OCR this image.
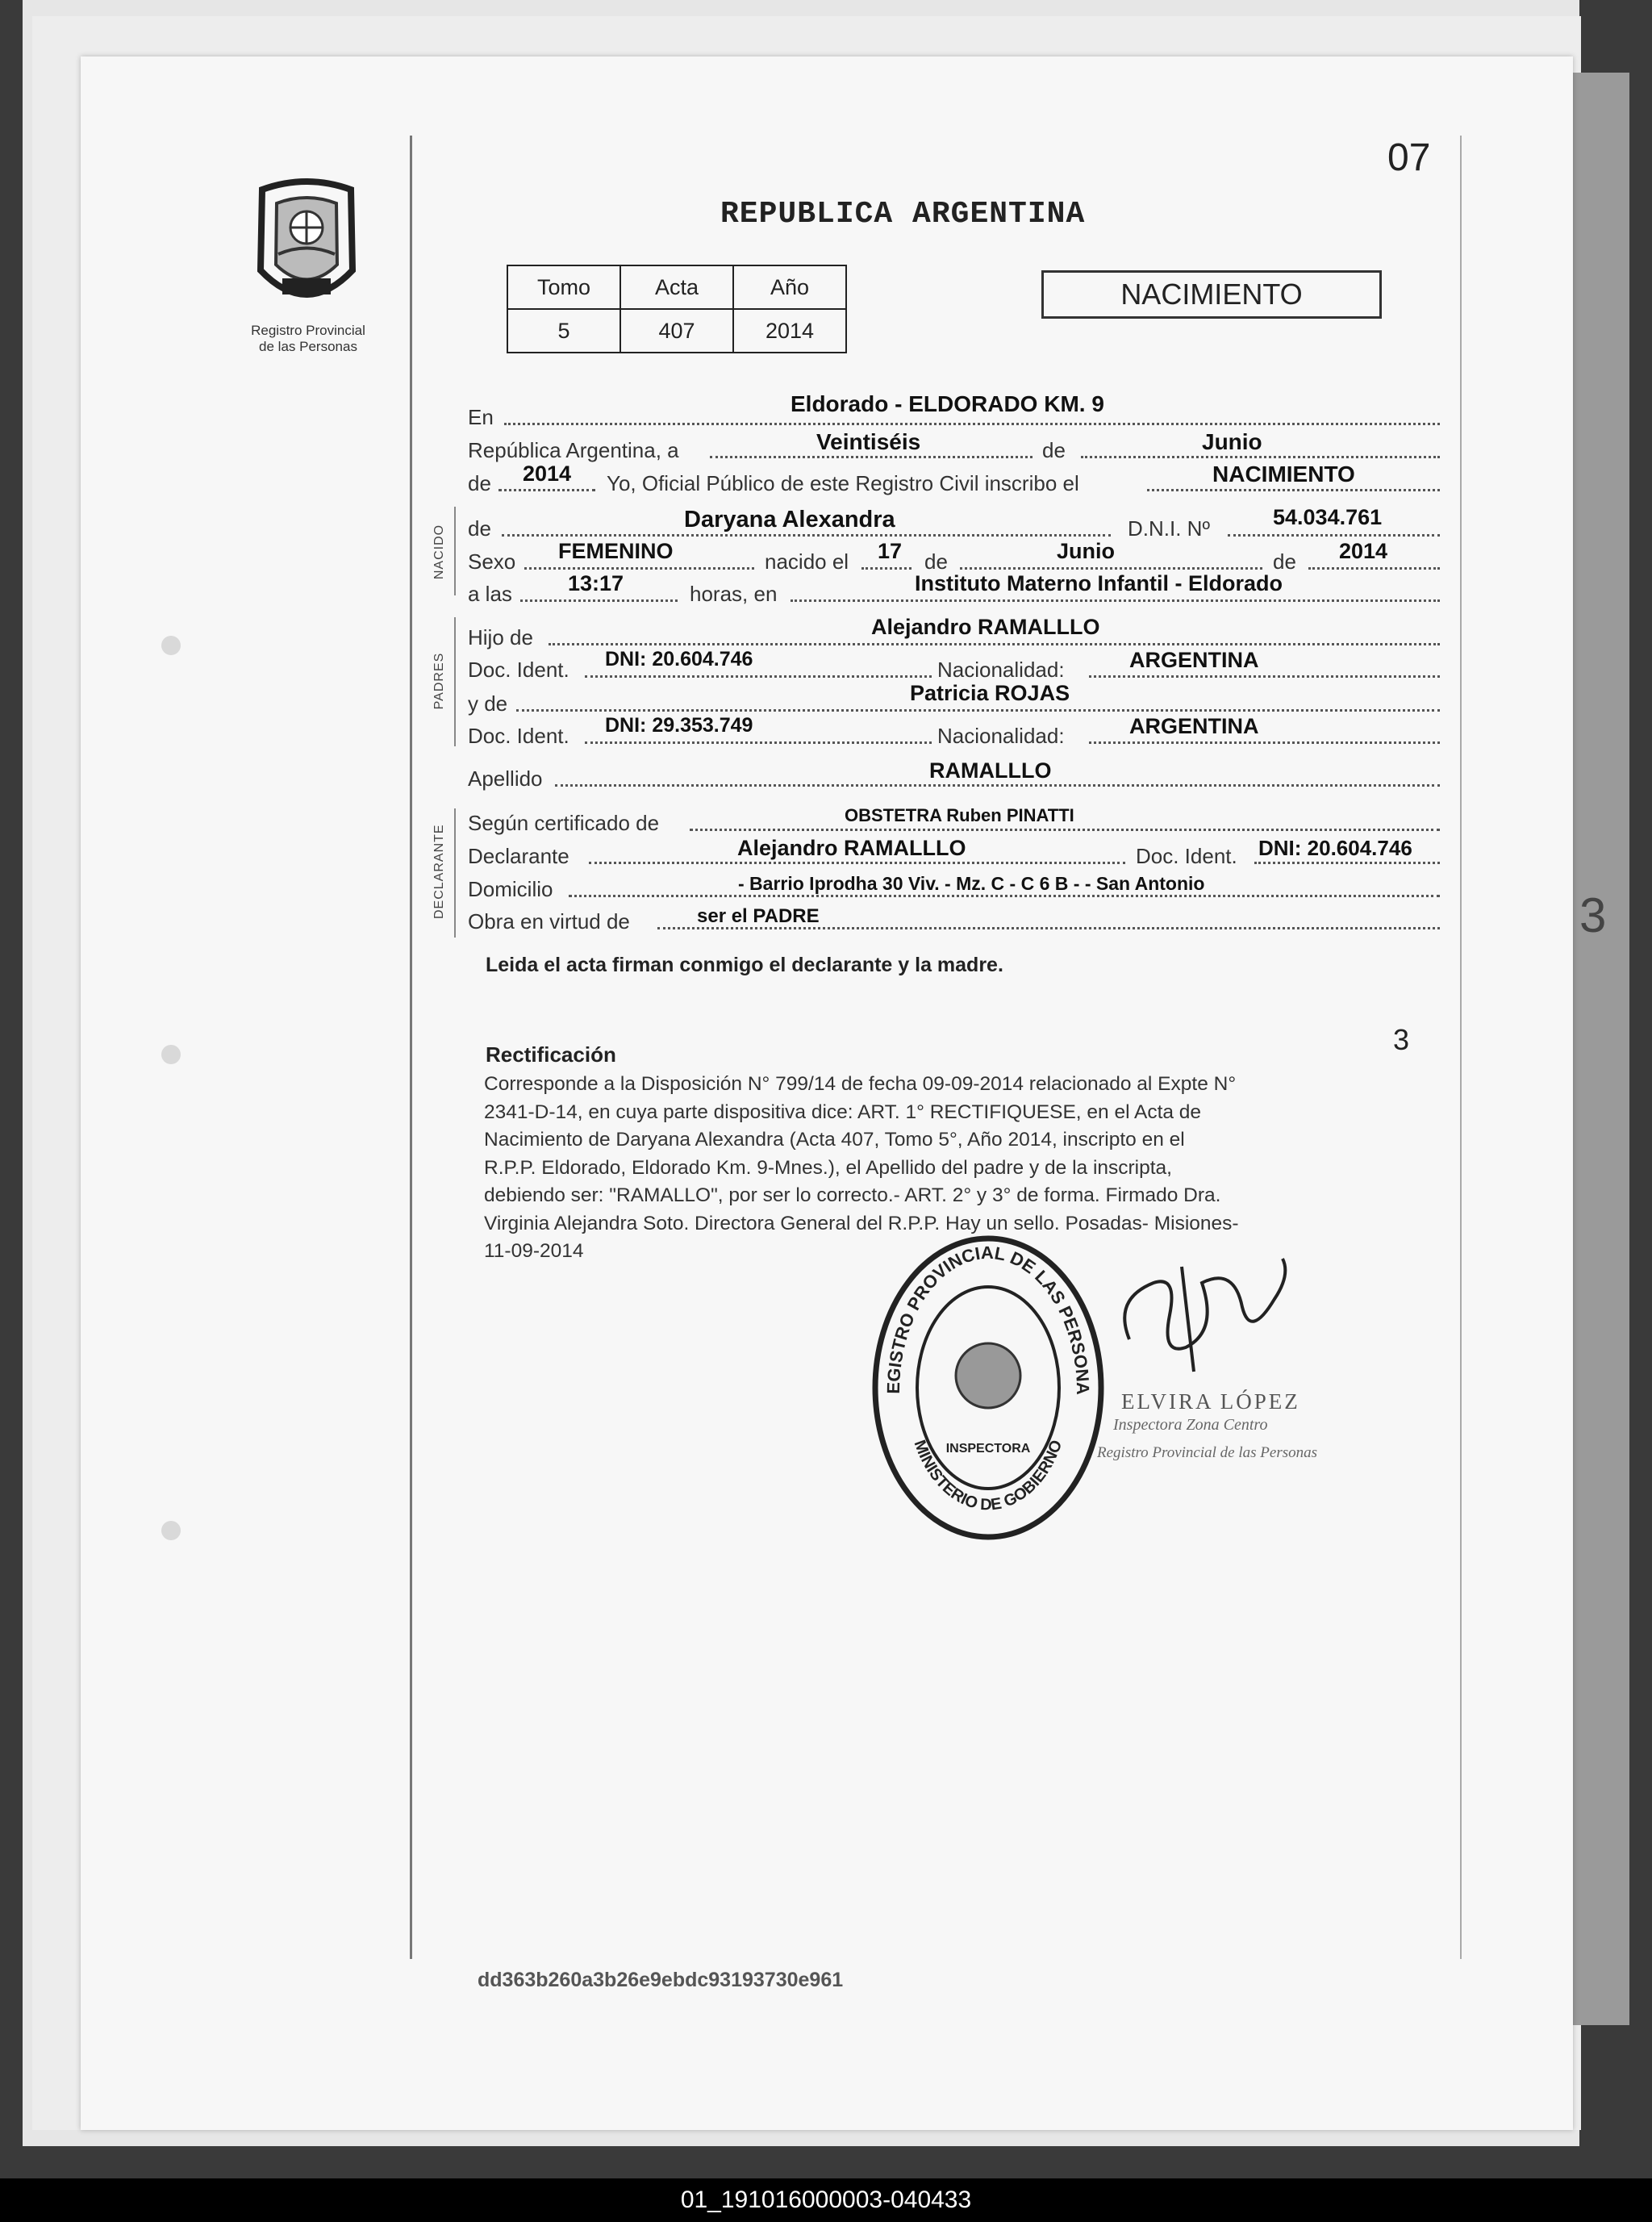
3
07
Registro Provincial
de las Personas
REPUBLICA ARGENTINA
Tomo	Acta	Año
5	407	2014
NACIMIENTO
En
Eldorado - ELDORADO KM. 9
República Argentina, a	Veintiséis	de	Junio
de 2014 Yo, Oficial Público de este Registro Civil inscribo el	NACIMIENTO
NACIDO de	Daryana Alexandra	D.N.I. Nº	54.034.761
Sexo FEMENINO	nacido el 17 de	Junio	de 2014
a las	13:17	horas, en	Instituto Materno Infantil - Eldorado
PADRES
Hijo de	Alejandro RAMALLLO
Doc. Ident. DNI: 20.604.746	Nacionalidad:	ARGENTINA
y de	Patricia ROJAS
Doc. Ident. DNI: 29.353.749	Nacionalidad:	ARGENTINA
Apellido	RAMALLLO
DECLARANTE
Según certificado de	OBSTETRA Ruben PINATTI
Declarante	Alejandro RAMALLLO	Doc. Ident. DNI: 20.604.746
Domicilio	- Barrio Iprodha 30 Viv. - Mz. C - C 6 B - - San Antonio
Obra en virtud de	ser el PADRE
Leida el acta firman conmigo el declarante y la madre.
3
Rectificación
Corresponde a la Disposición N° 799/14 de fecha 09-09-2014 relacionado al Expte N°
2341-D-14, en cuya parte dispositiva dice: ART. 1° RECTIFIQUESE, en el Acta de
Nacimiento de Daryana Alexandra (Acta 407, Tomo 5°, Año 2014, inscripto en el
R.P.P. Eldorado, Eldorado Km. 9-Mnes.), el Apellido del padre y de la inscripta,
debiendo ser: "RAMALLO", por ser lo correcto.- ART. 2° y 3° de forma. Firmado Dra.
Virginia Alejandra Soto. Directora General del R.P.P. Hay un sello. Posadas- Misiones-
11-09-2014
EGISTRO PROVINCIAL DE LAS PERSONA
MINISTERIO DE GOBIERNO
INSPECTORA
ELVIRA LÓPEZ
Inspectora Zona Centro
Registro Provincial de las Personas
dd363b260a3b26e9ebdc93193730e961
01_191016000003-040433
